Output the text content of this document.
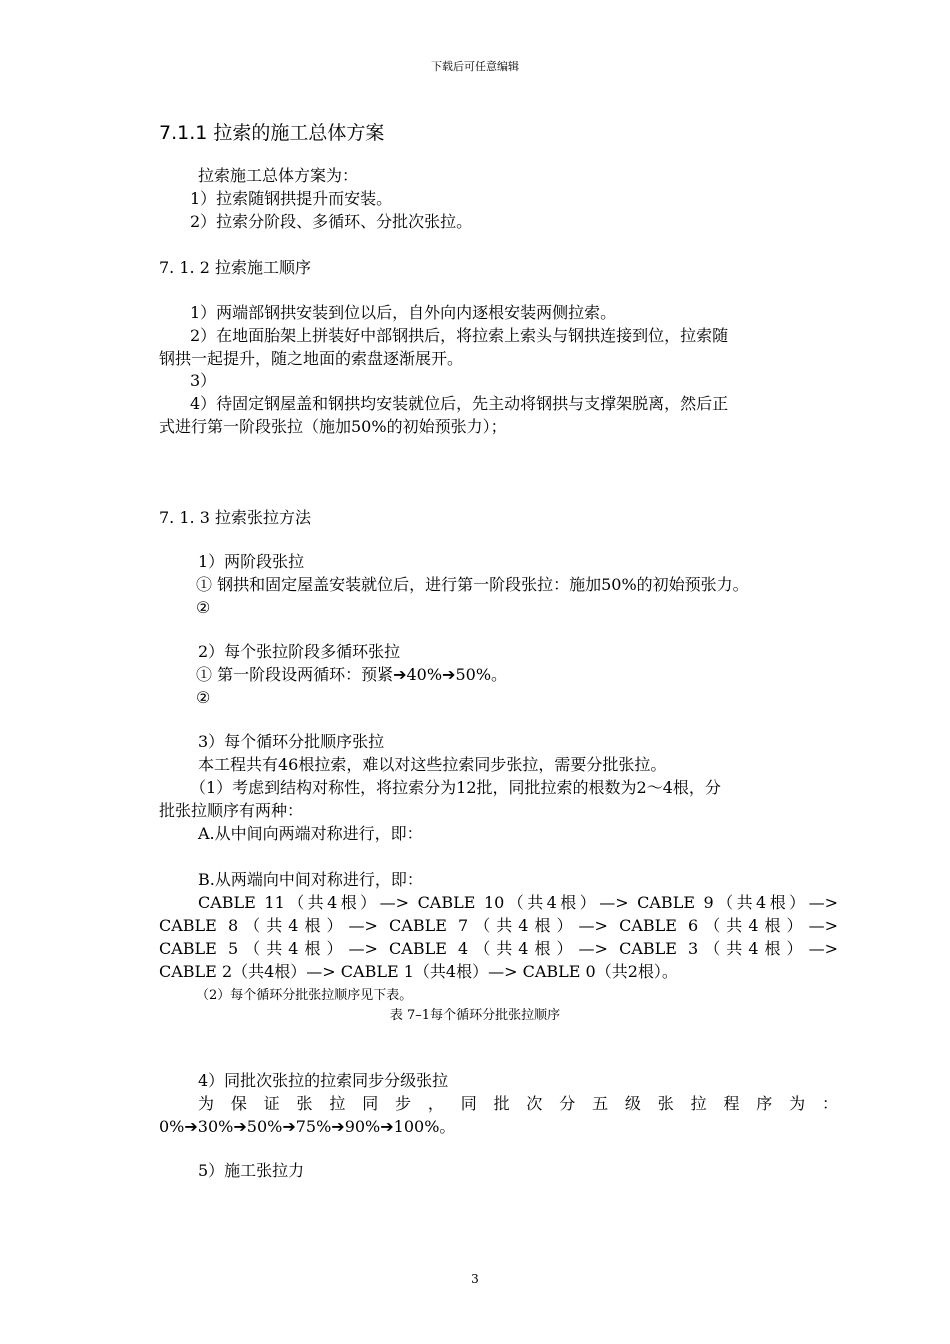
下载后可任意编辑
7.1.1 拉索的施工总体方案
拉索施工总体方案为：
1）拉索随钢拱提升而安装。
2）拉索分阶段、多循环、分批次张拉。
7. 1. 2 拉索施工顺序
1）两端部钢拱安装到位以后，自外向内逐根安装两侧拉索。
2）在地面胎架上拼装好中部钢拱后，将拉索上索头与钢拱连接到位，拉索随
钢拱一起提升，随之地面的索盘逐渐展开。
3）
4）待固定钢屋盖和钢拱均安装就位后，先主动将钢拱与支撑架脱离，然后正
式进行第一阶段张拉（施加50%的初始预张力）；
7. 1. 3 拉索张拉方法
1）两阶段张拉
① 钢拱和固定屋盖安装就位后，进行第一阶段张拉：施加50%的初始预张力。
②
2）每个张拉阶段多循环张拉
① 第一阶段设两循环：预紧➔40%➔50%。
②
3）每个循环分批顺序张拉
本工程共有46根拉索，难以对这些拉索同步张拉，需要分批张拉。
（1）考虑到结构对称性，将拉索分为12批，同批拉索的根数为2～4根，分
批张拉顺序有两种：
A.从中间向两端对称进行，即：
B.从两端向中间对称进行，即：
CABLE 11（共4根）—> CABLE 10（共4根）—> CABLE 9（共4根）—>
CABLE 8（共4根）—> CABLE 7（共4根）—> CABLE 6（共4根）—>
CABLE 5（共4根）—> CABLE 4（共4根）—> CABLE 3（共4根）—>
CABLE 2（共4根）—> CABLE 1（共4根）—> CABLE 0（共2根）。
（2）每个循环分批张拉顺序见下表。
表 7–1每个循环分批张拉顺序
4）同批次张拉的拉索同步分级张拉
为保证张拉同步，同批次分五级张拉程序为：
0%➔30%➔50%➔75%➔90%➔100%。
5）施工张拉力
3
